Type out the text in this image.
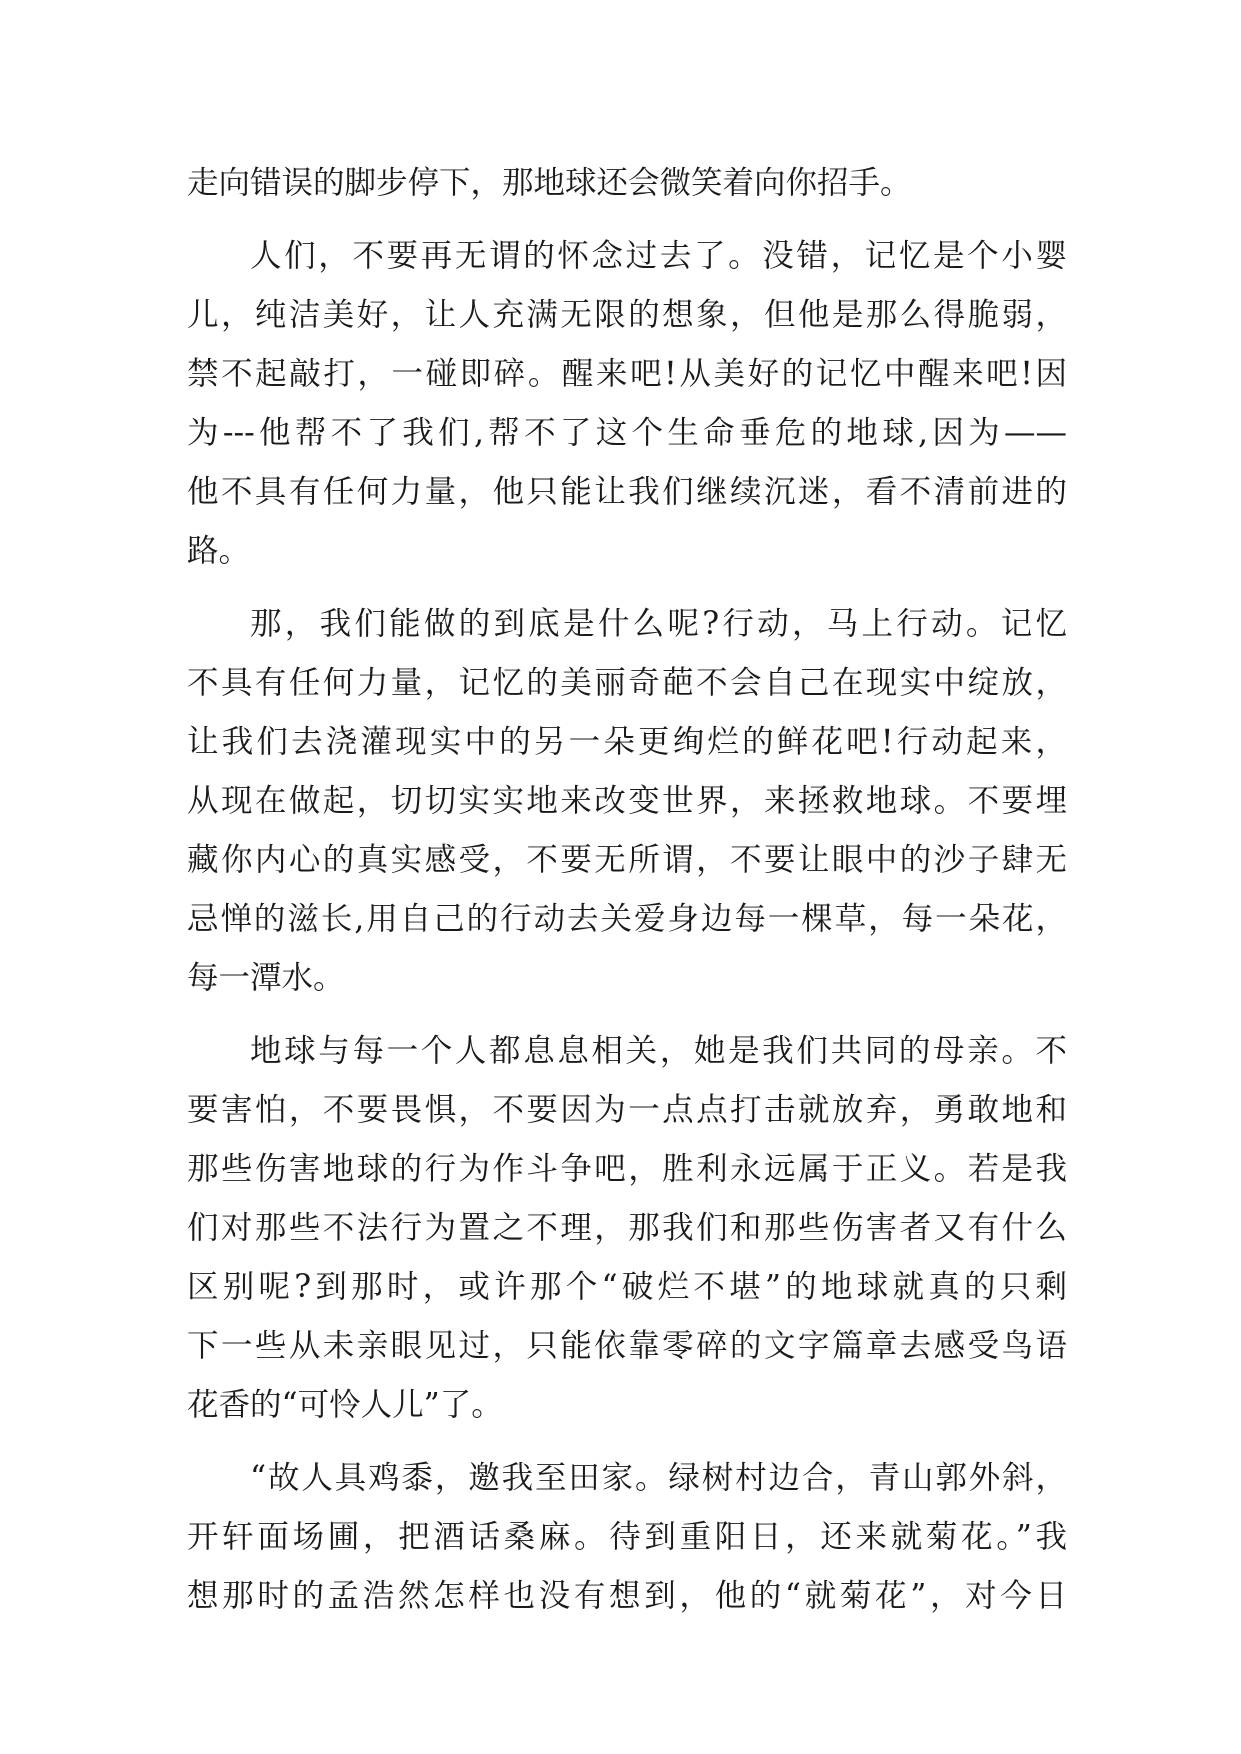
走向错误的脚步停下，那地球还会微笑着向你招手。
人们，不要再无谓的怀念过去了。没错，记忆是个小婴
儿，纯洁美好，让人充满无限的想象，但他是那么得脆弱，
禁不起敲打，一碰即碎。醒来吧!从美好的记忆中醒来吧!因
为---他帮不了我们,帮不了这个生命垂危的地球,因为——
他不具有任何力量，他只能让我们继续沉迷，看不清前进的
路。
那，我们能做的到底是什么呢?行动，马上行动。记忆
不具有任何力量，记忆的美丽奇葩不会自己在现实中绽放，
让我们去浇灌现实中的另一朵更绚烂的鲜花吧!行动起来，
从现在做起，切切实实地来改变世界，来拯救地球。不要埋
藏你内心的真实感受，不要无所谓，不要让眼中的沙子肆无
忌惮的滋长,用自己的行动去关爱身边每一棵草，每一朵花，
每一潭水。
地球与每一个人都息息相关，她是我们共同的母亲。不
要害怕，不要畏惧，不要因为一点点打击就放弃，勇敢地和
那些伤害地球的行为作斗争吧，胜利永远属于正义。若是我
们对那些不法行为置之不理，那我们和那些伤害者又有什么
区别呢?到那时，或许那个“破烂不堪”的地球就真的只剩
下一些从未亲眼见过，只能依靠零碎的文字篇章去感受鸟语
花香的“可怜人儿”了。
“故人具鸡黍，邀我至田家。绿树村边合，青山郭外斜，
开轩面场圃，把酒话桑麻。待到重阳日，还来就菊花。”我
想那时的孟浩然怎样也没有想到，他的“就菊花”，对今日
